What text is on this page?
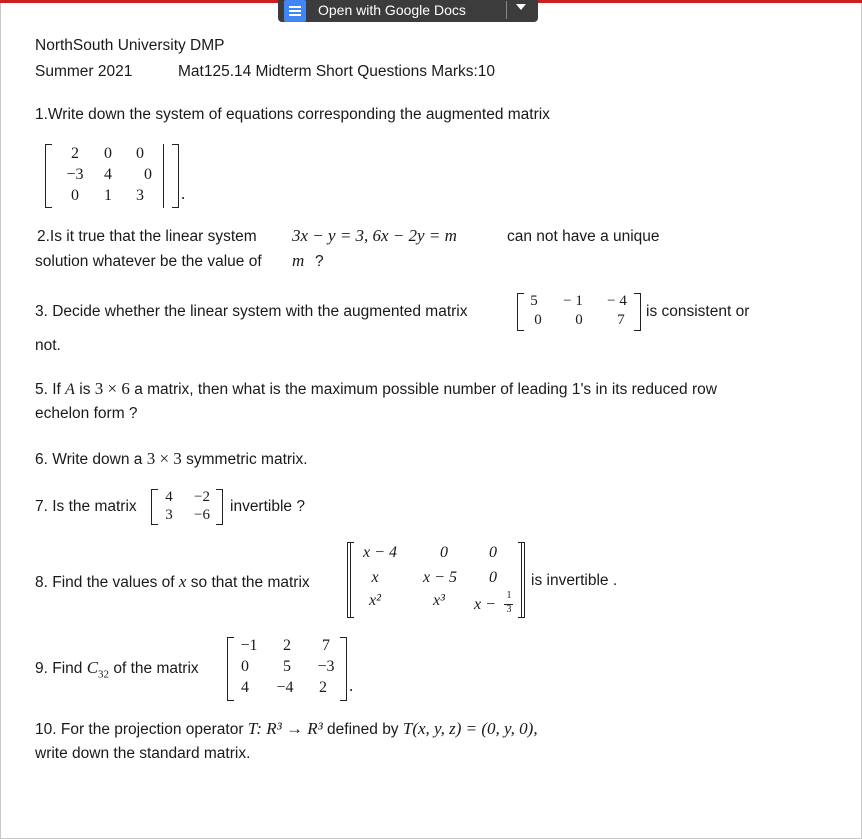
Open with Google Docs
NorthSouth University DMP
Summer 2021	Mat125.14 Midterm Short Questions Marks:10
1.Write down the system of equations corresponding the augmented matrix
2	0	0
−3	4	0
0	1	3	.
2.Is it true that the linear system 3x − y = 3, 6x − 2y = m	can not have a unique
solution whatever be the value of m ?
3. Decide whether the linear system with the augmented matrix
5	− 1	− 4
0	0	7	is consistent or
not.
5. If A is 3 × 6 a matrix, then what is the maximum possible number of leading 1's in its reduced row
echelon form ?
6. Write down a 3 × 3 symmetric matrix.
7. Is the matrix
4	−2
3	−6	invertible ?
8. Find the values of x so that the matrix
x − 4	0	0
x	x − 5	0
x²	x³	x −
1
3
is invertible .
9. Find $C_{32}$ of the matrix
−1	2	7
0	5	−3
4	−4	2	.
10. For the projection operator T: R³ → R³ defined by T(x, y, z) = (0, y, 0),
write down the standard matrix.
